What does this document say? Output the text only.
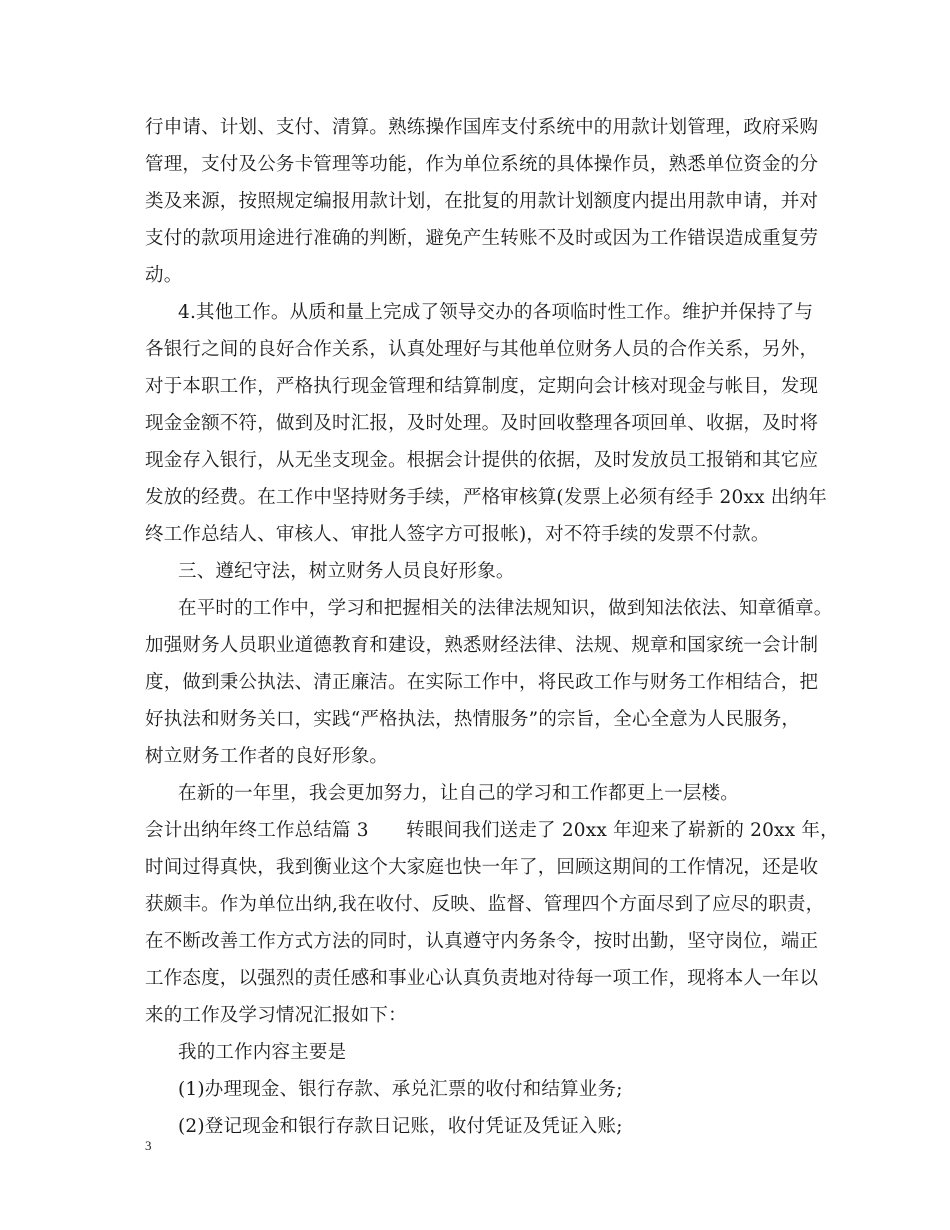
行申请、计划、支付、清算。熟练操作国库支付系统中的用款计划管理，政府采购
管理，支付及公务卡管理等功能，作为单位系统的具体操作员，熟悉单位资金的分
类及来源，按照规定编报用款计划，在批复的用款计划额度内提出用款申请，并对
支付的款项用途进行准确的判断，避免产生转账不及时或因为工作错误造成重复劳
动。
4.其他工作。从质和量上完成了领导交办的各项临时性工作。维护并保持了与
各银行之间的良好合作关系，认真处理好与其他单位财务人员的合作关系，另外，
对于本职工作，严格执行现金管理和结算制度，定期向会计核对现金与帐目，发现
现金金额不符，做到及时汇报，及时处理。及时回收整理各项回单、收据，及时将
现金存入银行，从无坐支现金。根据会计提供的依据，及时发放员工报销和其它应
发放的经费。在工作中坚持财务手续，严格审核算(发票上必须有经手 20xx 出纳年
终工作总结人、审核人、审批人签字方可报帐)，对不符手续的发票不付款。
三、遵纪守法，树立财务人员良好形象。
在平时的工作中，学习和把握相关的法律法规知识，做到知法依法、知章循章。
加强财务人员职业道德教育和建设，熟悉财经法律、法规、规章和国家统一会计制
度，做到秉公执法、清正廉洁。在实际工作中，将民政工作与财务工作相结合，把
好执法和财务关口，实践“严格执法，热情服务”的宗旨，全心全意为人民服务，
树立财务工作者的良好形象。
在新的一年里，我会更加努力，让自己的学习和工作都更上一层楼。
会计出纳年终工作总结篇 3　　转眼间我们送走了 20xx 年迎来了崭新的 20xx 年，
时间过得真快，我到衡业这个大家庭也快一年了，回顾这期间的工作情况，还是收
获颇丰。作为单位出纳,我在收付、反映、监督、管理四个方面尽到了应尽的职责，
在不断改善工作方式方法的同时，认真遵守内务条令，按时出勤，坚守岗位，端正
工作态度，以强烈的责任感和事业心认真负责地对待每一项工作，现将本人一年以
来的工作及学习情况汇报如下：
我的工作内容主要是
(1)办理现金、银行存款、承兑汇票的收付和结算业务;
(2)登记现金和银行存款日记账，收付凭证及凭证入账;
3
